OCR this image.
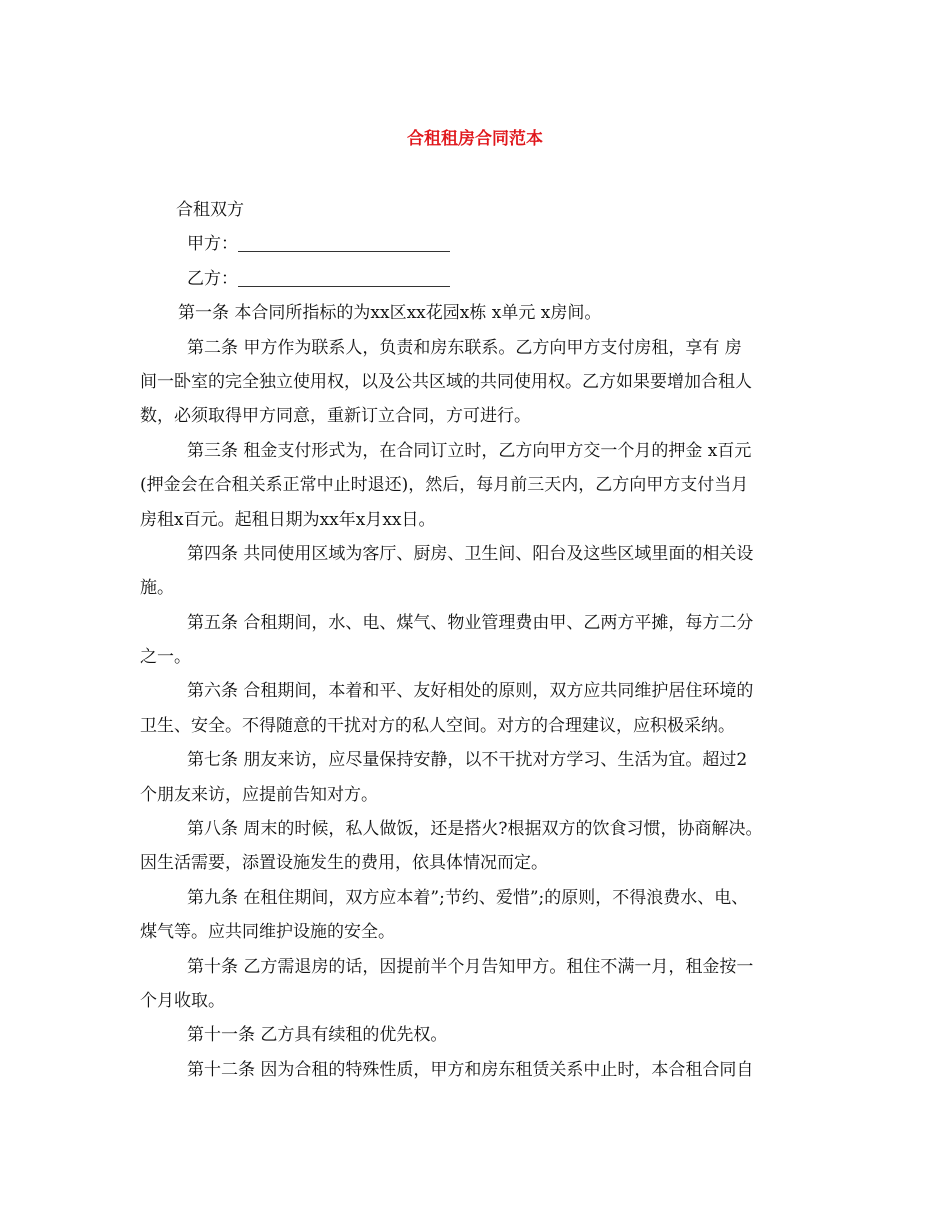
合租租房合同范本
合租双方
甲方：
乙方：
第一条 本合同所指标的为xx区xx花园x栋 x单元 x房间。
第二条 甲方作为联系人，负责和房东联系。乙方向甲方支付房租，享有 房
间一卧室的完全独立使用权，以及公共区域的共同使用权。乙方如果要增加合租人
数，必须取得甲方同意，重新订立合同，方可进行。
第三条 租金支付形式为，在合同订立时，乙方向甲方交一个月的押金 x百元
(押金会在合租关系正常中止时退还)，然后，每月前三天内，乙方向甲方支付当月
房租x百元。起租日期为xx年x月xx日。
第四条 共同使用区域为客厅、厨房、卫生间、阳台及这些区域里面的相关设
施。
第五条 合租期间，水、电、煤气、物业管理费由甲、乙两方平摊，每方二分
之一。
第六条 合租期间，本着和平、友好相处的原则，双方应共同维护居住环境的
卫生、安全。不得随意的干扰对方的私人空间。对方的合理建议，应积极采纳。
第七条 朋友来访，应尽量保持安静，以不干扰对方学习、生活为宜。超过2
个朋友来访，应提前告知对方。
第八条 周末的时候，私人做饭，还是搭火?根据双方的饮食习惯，协商解决。
因生活需要，添置设施发生的费用，依具体情况而定。
第九条 在租住期间，双方应本着”;节约、爱惜”;的原则，不得浪费水、电、
煤气等。应共同维护设施的安全。
第十条 乙方需退房的话，因提前半个月告知甲方。租住不满一月，租金按一
个月收取。
第十一条 乙方具有续租的优先权。
第十二条 因为合租的特殊性质，甲方和房东租赁关系中止时，本合租合同自
